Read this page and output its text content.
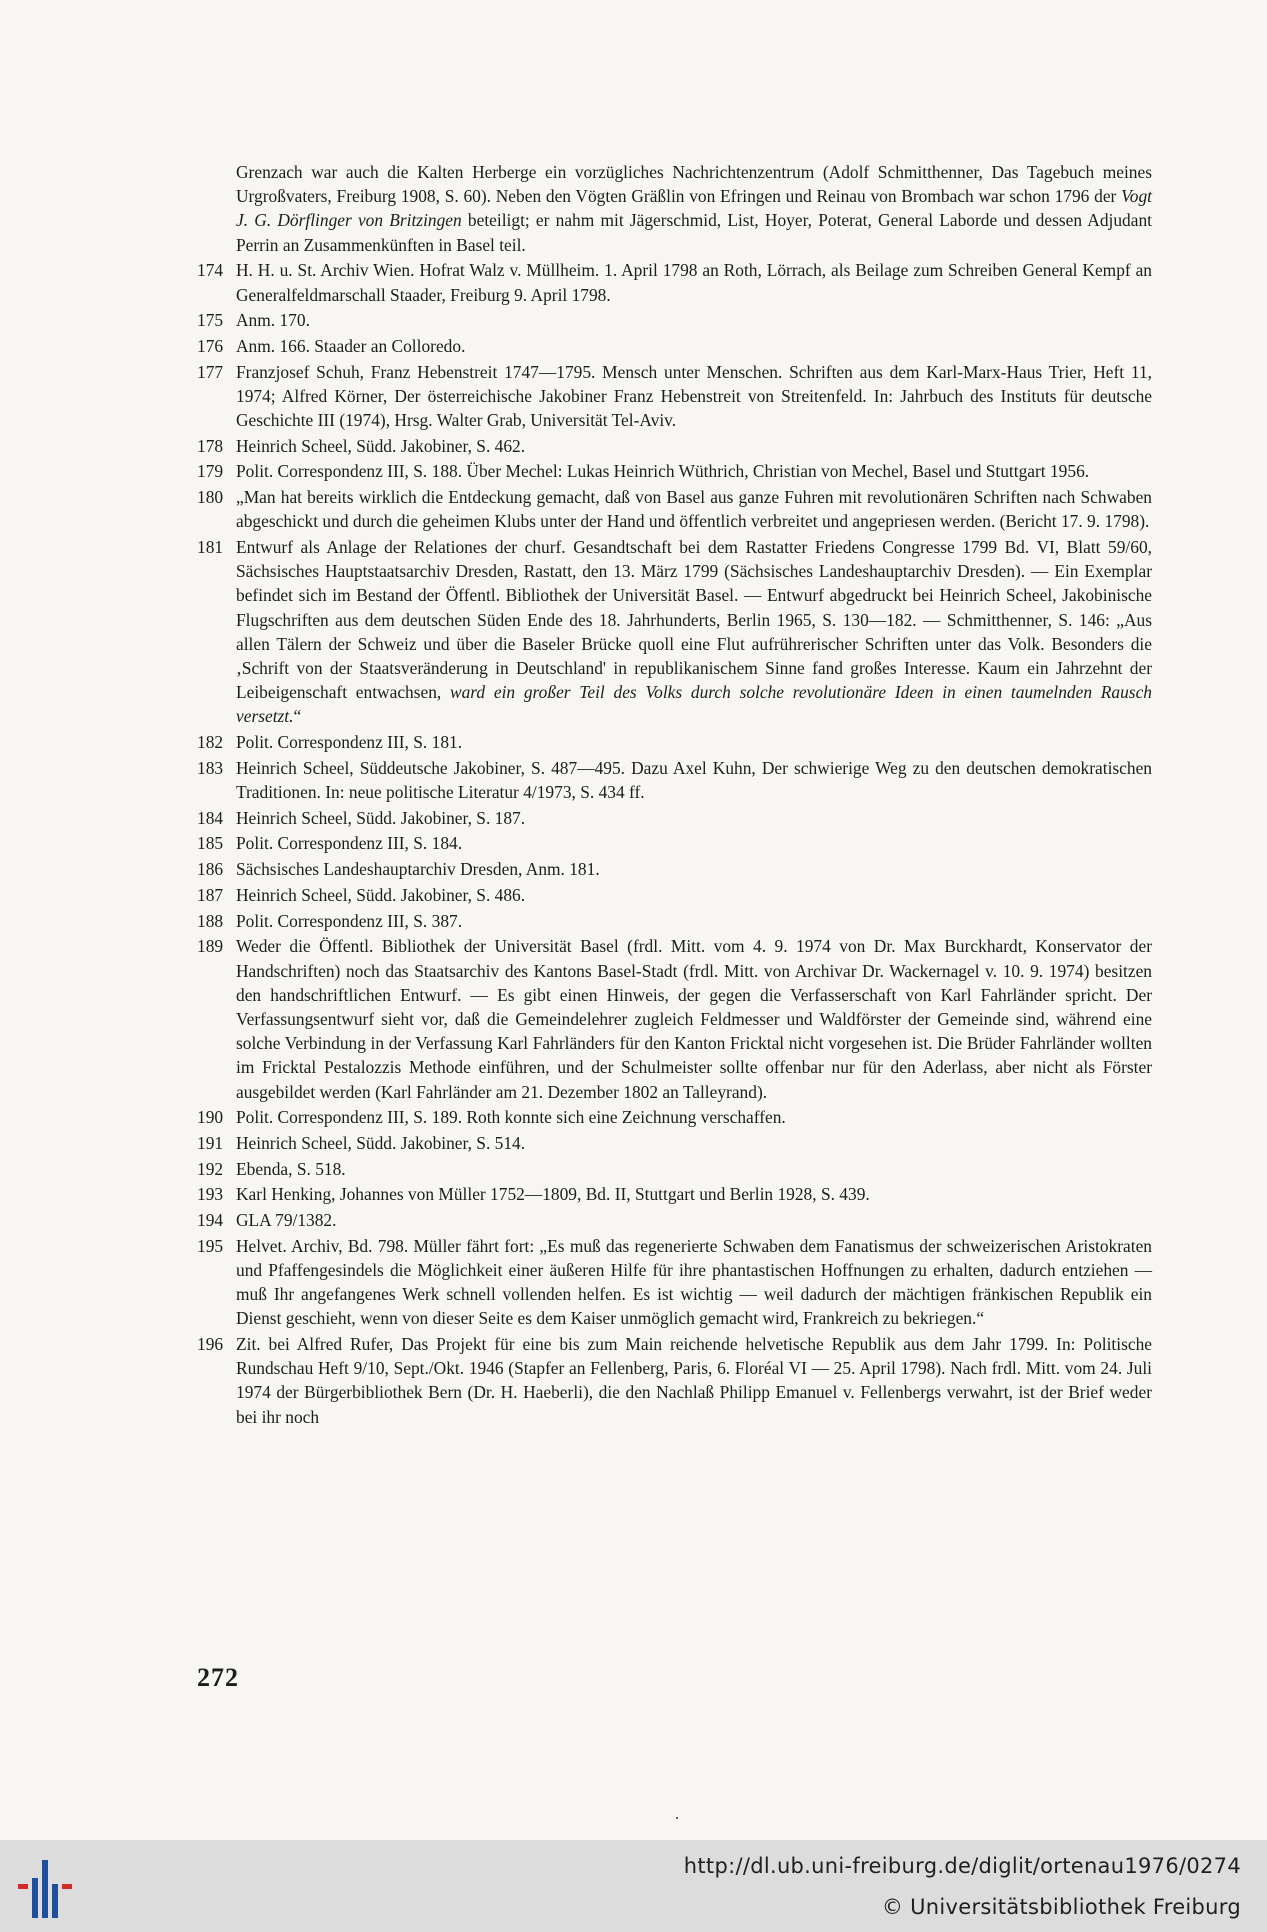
Grenzach war auch die Kalten Herberge ein vorzügliches Nachrichtenzentrum (Adolf Schmitthenner, Das Tagebuch meines Urgroßvaters, Freiburg 1908, S. 60). Neben den Vögten Gräßlin von Efringen und Reinau von Brombach war schon 1796 der Vogt J. G. Dörflinger von Britzingen beteiligt; er nahm mit Jägerschmid, List, Hoyer, Poterat, General Laborde und dessen Adjudant Perrin an Zusammenkünften in Basel teil.
174 H. H. u. St. Archiv Wien. Hofrat Walz v. Müllheim. 1. April 1798 an Roth, Lörrach, als Beilage zum Schreiben General Kempf an Generalfeldmarschall Staader, Freiburg 9. April 1798.
175 Anm. 170.
176 Anm. 166. Staader an Colloredo.
177 Franzjosef Schuh, Franz Hebenstreit 1747—1795. Mensch unter Menschen. Schriften aus dem Karl-Marx-Haus Trier, Heft 11, 1974; Alfred Körner, Der österreichische Jakobiner Franz Hebenstreit von Streitenfeld. In: Jahrbuch des Instituts für deutsche Geschichte III (1974), Hrsg. Walter Grab, Universität Tel-Aviv.
178 Heinrich Scheel, Südd. Jakobiner, S. 462.
179 Polit. Correspondenz III, S. 188. Über Mechel: Lukas Heinrich Wüthrich, Christian von Mechel, Basel und Stuttgart 1956.
180 „Man hat bereits wirklich die Entdeckung gemacht, daß von Basel aus ganze Fuhren mit revolutionären Schriften nach Schwaben abgeschickt und durch die geheimen Klubs unter der Hand und öffentlich verbreitet und angepriesen werden. (Bericht 17. 9. 1798).
181 Entwurf als Anlage der Relationes der churf. Gesandtschaft bei dem Rastatter Friedens Congresse 1799 Bd. VI, Blatt 59/60, Sächsisches Hauptstaatsarchiv Dresden, Rastatt, den 13. März 1799 (Sächsisches Landeshauptarchiv Dresden). — Ein Exemplar befindet sich im Bestand der Öffentl. Bibliothek der Universität Basel. — Entwurf abgedruckt bei Heinrich Scheel, Jakobinische Flugschriften aus dem deutschen Süden Ende des 18. Jahrhunderts, Berlin 1965, S. 130—182. — Schmitthenner, S. 146: „Aus allen Tälern der Schweiz und über die Baseler Brücke quoll eine Flut aufrührerischer Schriften unter das Volk. Besonders die ‚Schrift von der Staatsveränderung in Deutschland' in republikanischem Sinne fand großes Interesse. Kaum ein Jahrzehnt der Leibeigenschaft entwachsen, ward ein großer Teil des Volks durch solche revolutionäre Ideen in einen taumelnden Rausch versetzt.“
182 Polit. Correspondenz III, S. 181.
183 Heinrich Scheel, Süddeutsche Jakobiner, S. 487—495. Dazu Axel Kuhn, Der schwierige Weg zu den deutschen demokratischen Traditionen. In: neue politische Literatur 4/1973, S. 434 ff.
184 Heinrich Scheel, Südd. Jakobiner, S. 187.
185 Polit. Correspondenz III, S. 184.
186 Sächsisches Landeshauptarchiv Dresden, Anm. 181.
187 Heinrich Scheel, Südd. Jakobiner, S. 486.
188 Polit. Correspondenz III, S. 387.
189 Weder die Öffentl. Bibliothek der Universität Basel (frdl. Mitt. vom 4. 9. 1974 von Dr. Max Burckhardt, Konservator der Handschriften) noch das Staatsarchiv des Kantons Basel-Stadt (frdl. Mitt. von Archivar Dr. Wackernagel v. 10. 9. 1974) besitzen den handschriftlichen Entwurf. — Es gibt einen Hinweis, der gegen die Verfasserschaft von Karl Fahrländer spricht. Der Verfassungsentwurf sieht vor, daß die Gemeindelehrer zugleich Feldmesser und Waldförster der Gemeinde sind, während eine solche Verbindung in der Verfassung Karl Fahrländers für den Kanton Fricktal nicht vorgesehen ist. Die Brüder Fahrländer wollten im Fricktal Pestalozzis Methode einführen, und der Schulmeister sollte offenbar nur für den Aderlass, aber nicht als Förster ausgebildet werden (Karl Fahrländer am 21. Dezember 1802 an Talleyrand).
190 Polit. Correspondenz III, S. 189. Roth konnte sich eine Zeichnung verschaffen.
191 Heinrich Scheel, Südd. Jakobiner, S. 514.
192 Ebenda, S. 518.
193 Karl Henking, Johannes von Müller 1752—1809, Bd. II, Stuttgart und Berlin 1928, S. 439.
194 GLA 79/1382.
195 Helvet. Archiv, Bd. 798. Müller fährt fort: „Es muß das regenerierte Schwaben dem Fanatismus der schweizerischen Aristokraten und Pfaffengesindels die Möglichkeit einer äußeren Hilfe für ihre phantastischen Hoffnungen zu erhalten, dadurch entziehen — muß Ihr angefangenes Werk schnell vollenden helfen. Es ist wichtig — weil dadurch der mächtigen fränkischen Republik ein Dienst geschieht, wenn von dieser Seite es dem Kaiser unmöglich gemacht wird, Frankreich zu bekriegen.“
196 Zit. bei Alfred Rufer, Das Projekt für eine bis zum Main reichende helvetische Republik aus dem Jahr 1799. In: Politische Rundschau Heft 9/10, Sept./Okt. 1946 (Stapfer an Fellenberg, Paris, 6. Floréal VI — 25. April 1798). Nach frdl. Mitt. vom 24. Juli 1974 der Bürgerbibliothek Bern (Dr. H. Haeberli), die den Nachlaß Philipp Emanuel v. Fellenbergs verwahrt, ist der Brief weder bei ihr noch
272
http://dl.ub.uni-freiburg.de/diglit/ortenau1976/0274
© Universitätsbibliothek Freiburg
